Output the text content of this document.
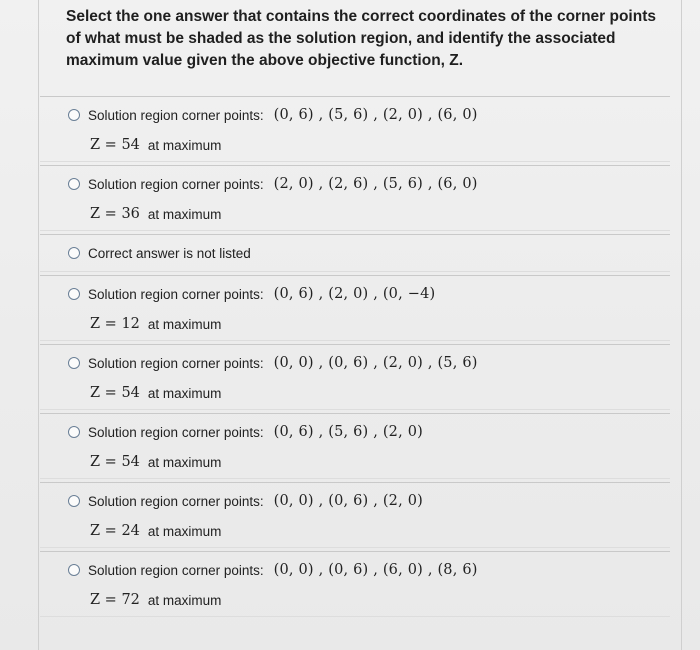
Select the one answer that contains the correct coordinates of the corner points of what must be shaded as the solution region, and identify the associated maximum value given the above objective function, Z.

Solution region corner points: (0, 6) , (5, 6) , (2, 0) , (6, 0)
Z = 54 at maximum
Solution region corner points: (2, 0) , (2, 6) , (5, 6) , (6, 0)
Z = 36 at maximum
Correct answer is not listed
Solution region corner points: (0, 6) , (2, 0) , (0, −4)
Z = 12 at maximum
Solution region corner points: (0, 0) , (0, 6) , (2, 0) , (5, 6)
Z = 54 at maximum
Solution region corner points: (0, 6) , (5, 6) , (2, 0)
Z = 54 at maximum
Solution region corner points: (0, 0) , (0, 6) , (2, 0)
Z = 24 at maximum
Solution region corner points: (0, 0) , (0, 6) , (6, 0) , (8, 6)
Z = 72 at maximum
